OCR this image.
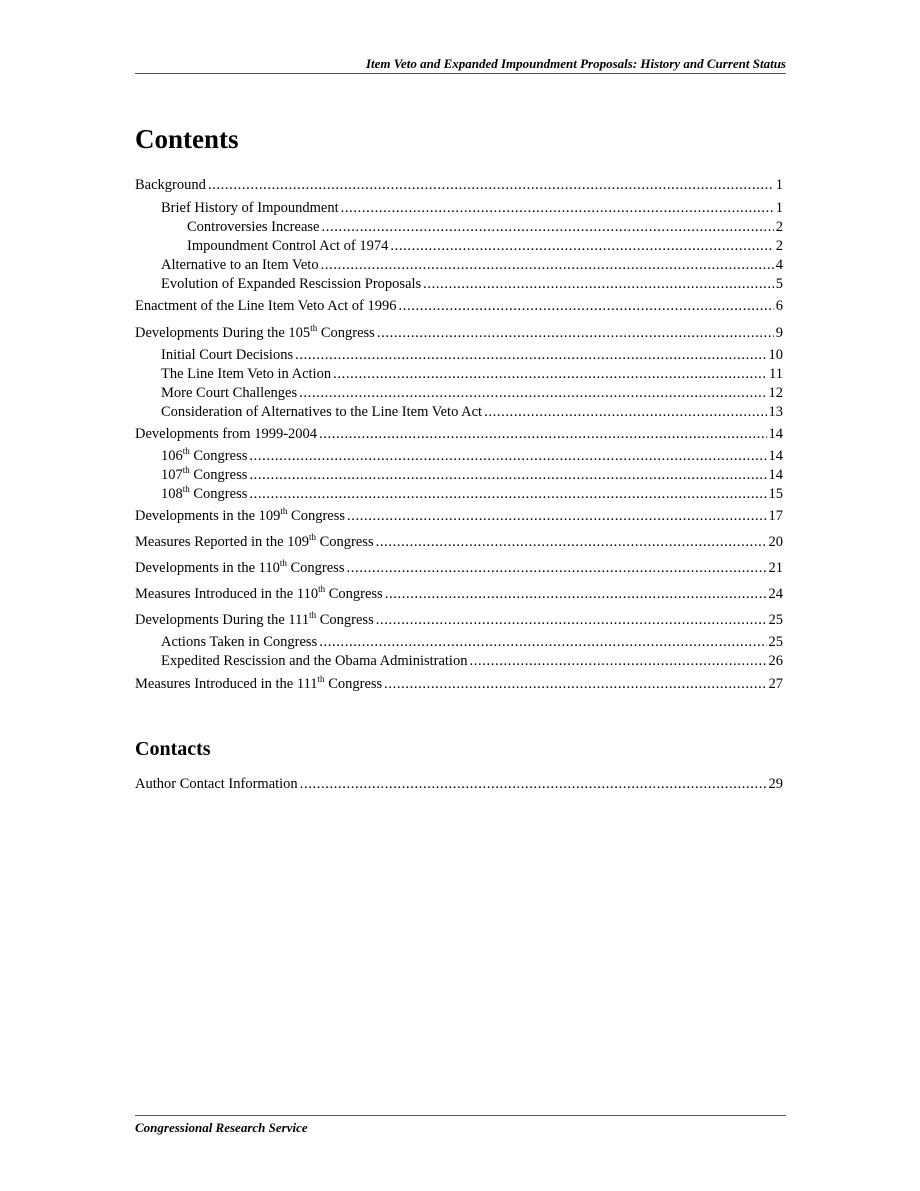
Item Veto and Expanded Impoundment Proposals: History and Current Status
Contents
Background . . .	1
Brief History of Impoundment . . .	1
Controversies Increase . . .	2
Impoundment Control Act of 1974 . . .	2
Alternative to an Item Veto . . .	4
Evolution of Expanded Rescission Proposals . . .	5
Enactment of the Line Item Veto Act of 1996 . . .	6
Developments During the 105th Congress . . .	9
Initial Court Decisions . . .	10
The Line Item Veto in Action . . .	11
More Court Challenges . . .	12
Consideration of Alternatives to the Line Item Veto Act . . .	13
Developments from 1999-2004 . . .	14
106th Congress . . .	14
107th Congress . . .	14
108th Congress . . .	15
Developments in the 109th Congress . . .	17
Measures Reported in the 109th Congress . . .	20
Developments in the 110th Congress . . .	21
Measures Introduced in the 110th Congress . . .	24
Developments During the 111th Congress . . .	25
Actions Taken in Congress . . .	25
Expedited Rescission and the Obama Administration . . .	26
Measures Introduced in the 111th Congress . . .	27
Contacts
Author Contact Information . . .	29
Congressional Research Service
